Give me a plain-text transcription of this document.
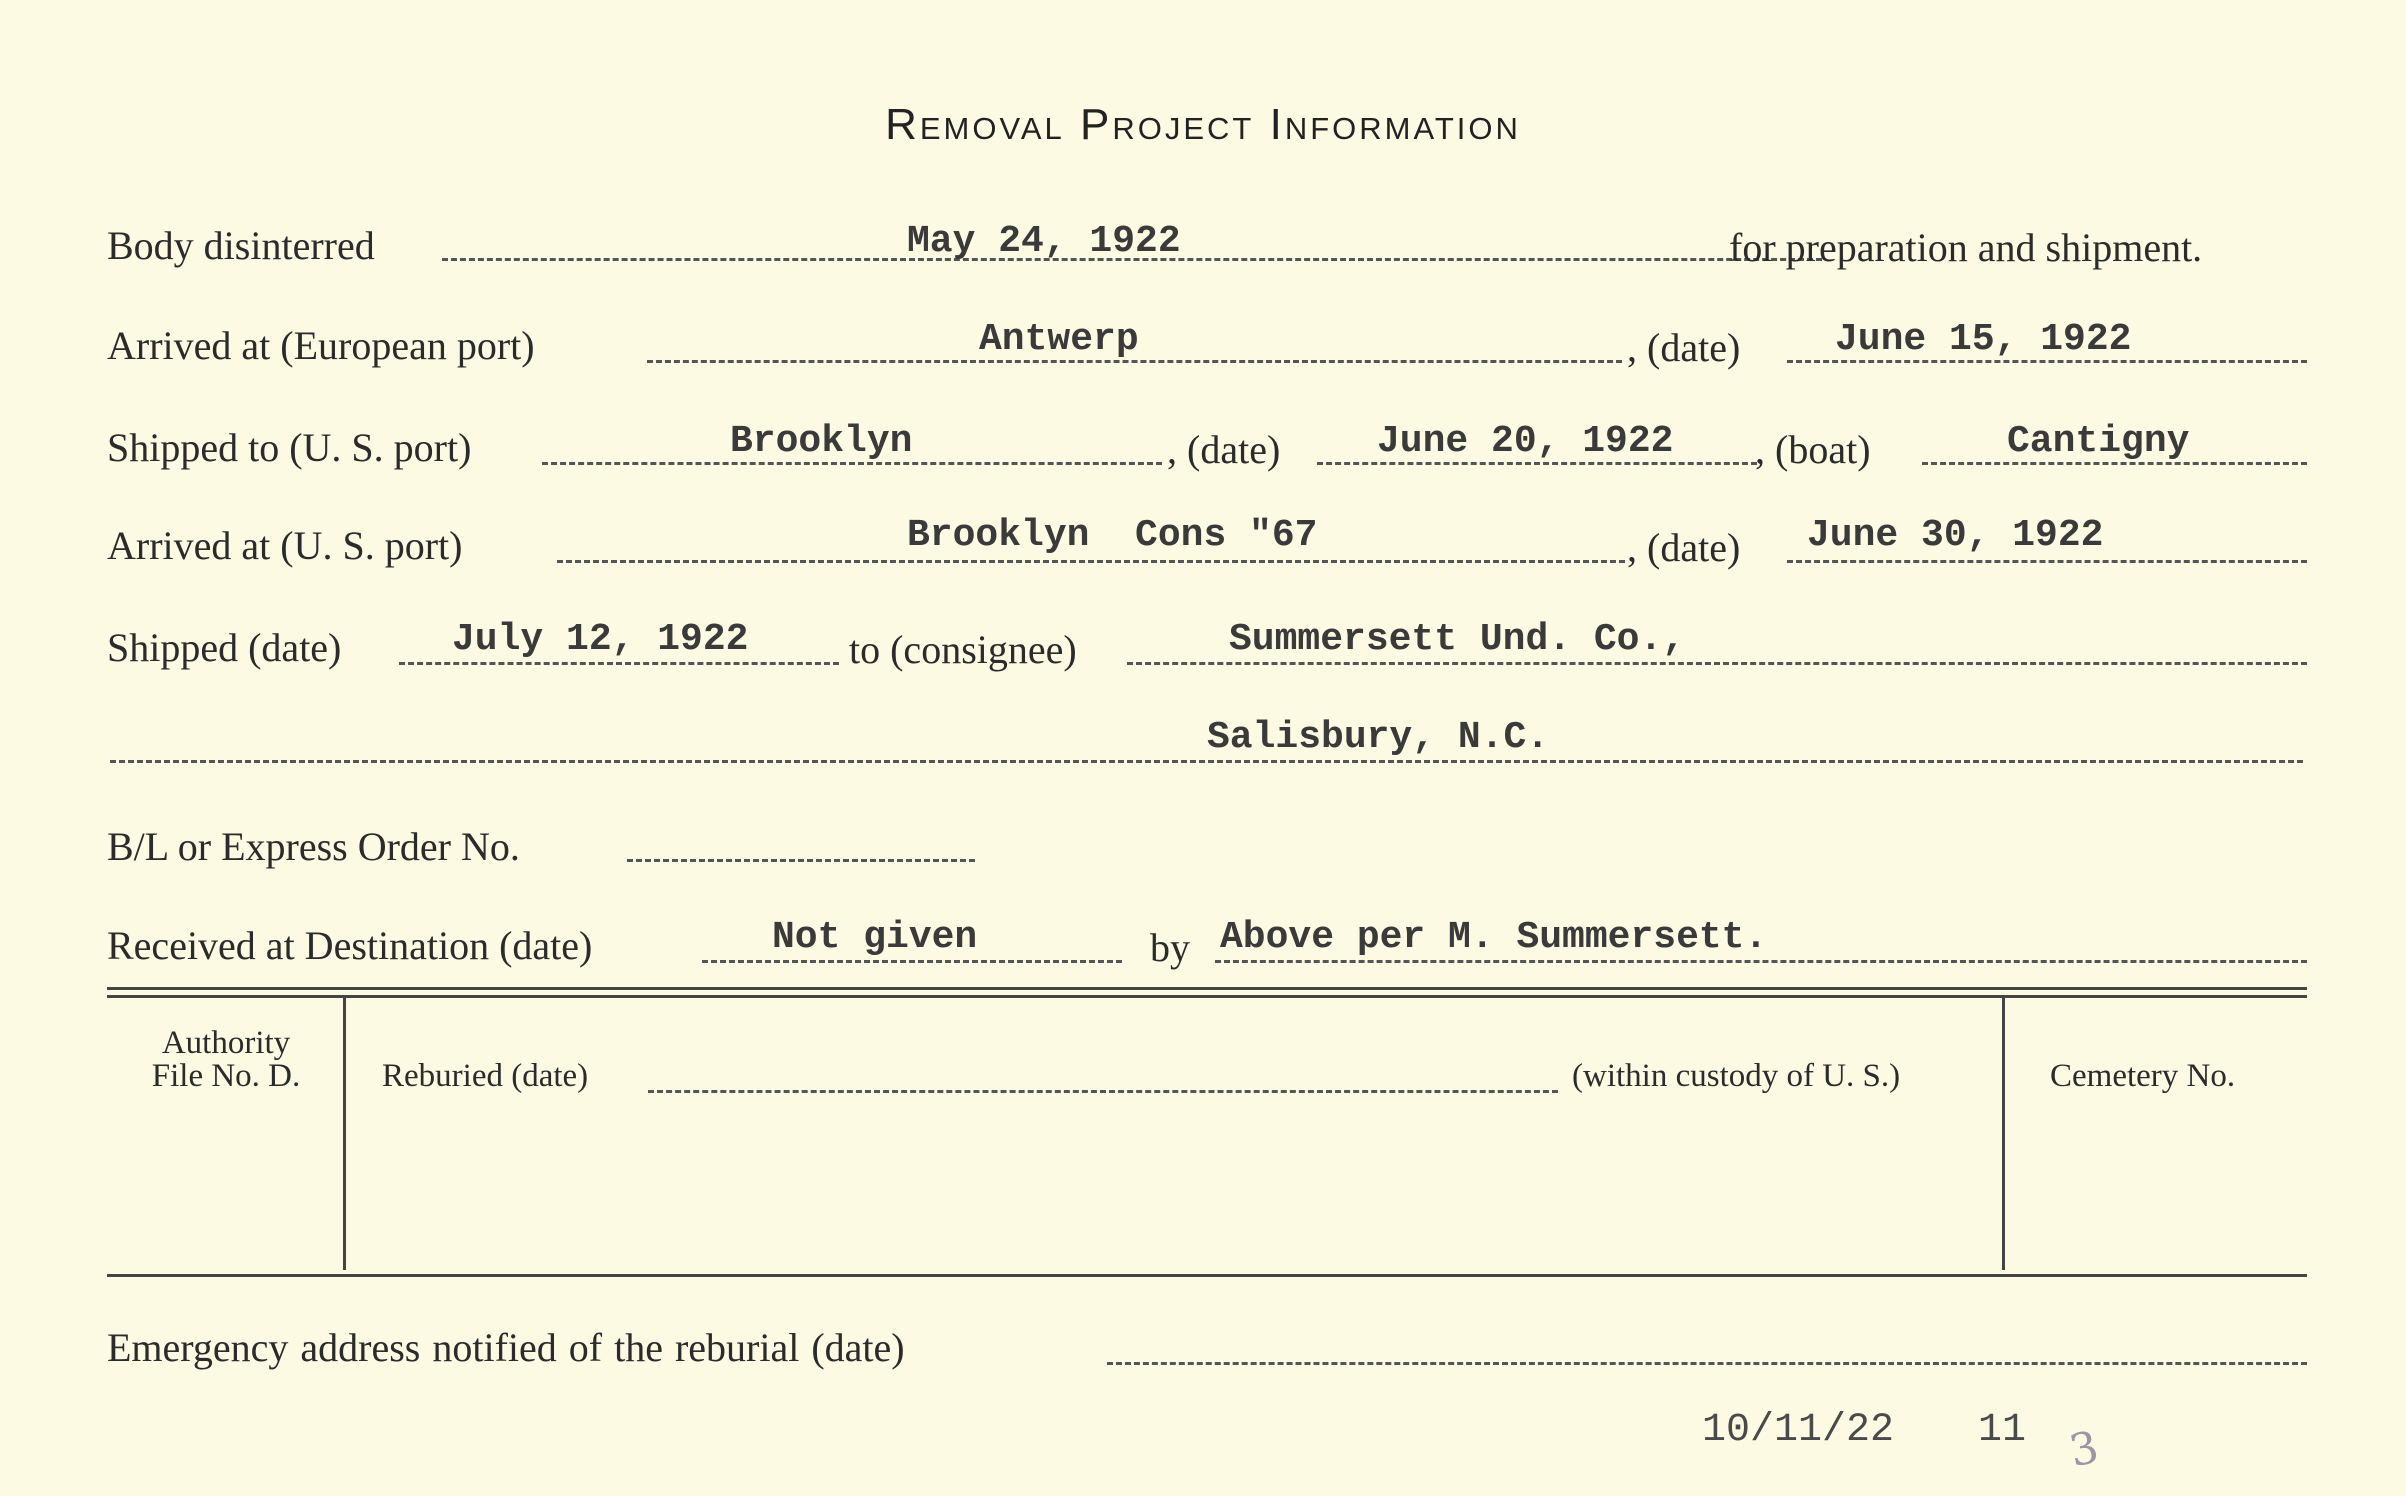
Removal Project Information
Body disinterred	May 24, 1922	for preparation and shipment.
Arrived at (European port)	Antwerp	, (date) June 15, 1922
Shipped to (U. S. port)	Brooklyn	, (date)	June 20, 1922 , (boat)	Cantigny
Arrived at (U. S. port)	Brooklyn  Cons "67	, (date) June 30, 1922
Shipped (date)	July 12, 1922	to (consignee)	Summersett Und. Co.,
Salisbury, N.C.
B/L or Express Order No.
Received at Destination (date)	Not given	by Above per M. Summersett.
Authority
File No. D.	Reburied (date)	(within custody of U. S.)	Cemetery No.
Emergency address notified of the reburial (date)
10/11/22 11 3
